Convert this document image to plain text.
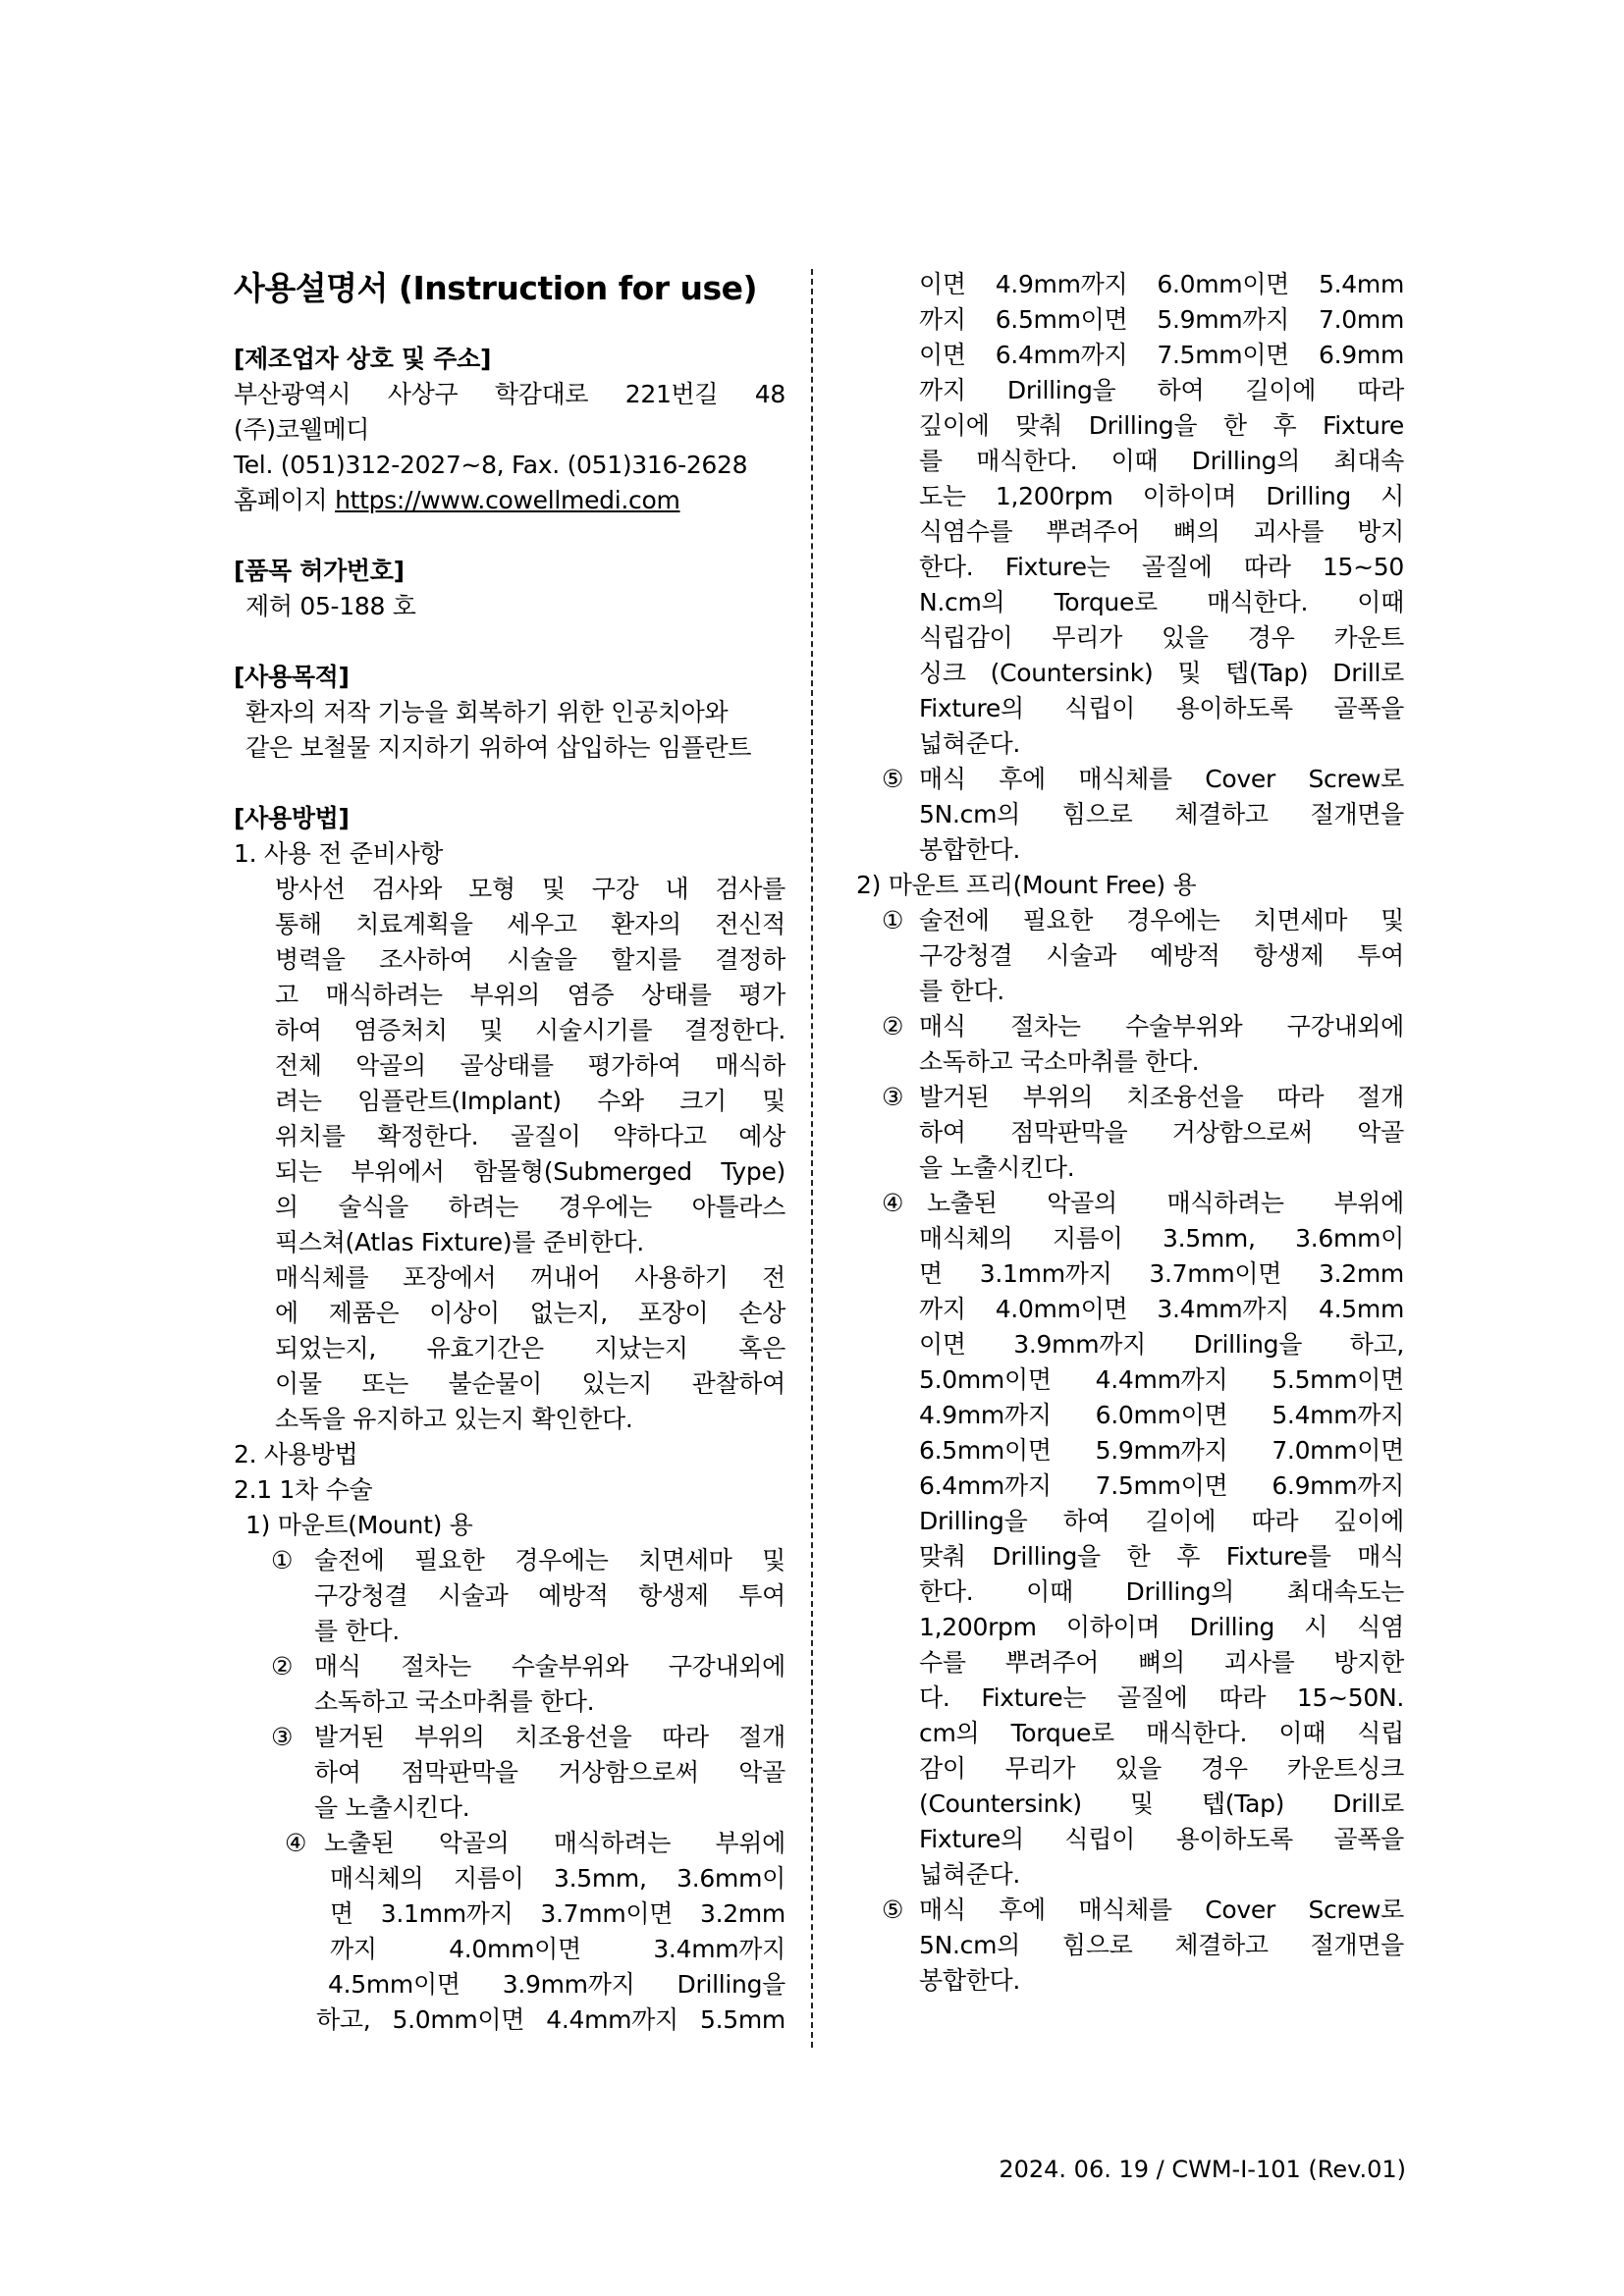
사용설명서 (Instruction for use)
[제조업자 상호 및 주소]
부산광역시 사상구 학감대로 221번길 48
(주)코웰메디
Tel. (051)312-2027~8, Fax. (051)316-2628
홈페이지 https://www.cowellmedi.com
[품목 허가번호]
제허 05-188 호
[사용목적]
환자의 저작 기능을 회복하기 위한 인공치아와
같은 보철물 지지하기 위하여 삽입하는 임플란트
[사용방법]
1. 사용 전 준비사항
방사선 검사와 모형 및 구강 내 검사를
통해 치료계획을 세우고 환자의 전신적
병력을 조사하여 시술을 할지를 결정하
고 매식하려는 부위의 염증 상태를 평가
하여 염증처치 및 시술시기를 결정한다.
전체 악골의 골상태를 평가하여 매식하
려는 임플란트(Implant) 수와 크기 및
위치를 확정한다. 골질이 약하다고 예상
되는 부위에서 함몰형(Submerged Type)
의 술식을 하려는 경우에는 아틀라스
픽스쳐(Atlas Fixture)를 준비한다.
매식체를 포장에서 꺼내어 사용하기 전
에 제품은 이상이 없는지, 포장이 손상
되었는지, 유효기간은 지났는지 혹은
이물 또는 불순물이 있는지 관찰하여
소독을 유지하고 있는지 확인한다.
2. 사용방법
2.1 1차 수술
1) 마운트(Mount) 용
① 술전에 필요한 경우에는 치면세마 및
구강청결 시술과 예방적 항생제 투여
를 한다.
② 매식 절차는 수술부위와 구강내외에
소독하고 국소마취를 한다.
③ 발거된 부위의 치조융선을 따라 절개
하여 점막판막을 거상함으로써 악골
을 노출시킨다.
④ 노출된 악골의 매식하려는 부위에
매식체의 지름이 3.5mm, 3.6mm이
면 3.1mm까지 3.7mm이면 3.2mm
까지 4.0mm이면 3.4mm까지
4.5mm이면 3.9mm까지 Drilling을
하고, 5.0mm이면 4.4mm까지 5.5mm
이면 4.9mm까지 6.0mm이면 5.4mm
까지 6.5mm이면 5.9mm까지 7.0mm
이면 6.4mm까지 7.5mm이면 6.9mm
까지 Drilling을 하여 길이에 따라
깊이에 맞춰 Drilling을 한 후 Fixture
를 매식한다. 이때 Drilling의 최대속
도는 1,200rpm 이하이며 Drilling 시
식염수를 뿌려주어 뼈의 괴사를 방지
한다. Fixture는 골질에 따라 15~50
N.cm의 Torque로 매식한다. 이때
식립감이 무리가 있을 경우 카운트
싱크 (Countersink) 및 텝(Tap) Drill로
Fixture의 식립이 용이하도록 골폭을
넓혀준다.
⑤ 매식 후에 매식체를 Cover Screw로
5N.cm의 힘으로 체결하고 절개면을
봉합한다.
2) 마운트 프리(Mount Free) 용
① 술전에 필요한 경우에는 치면세마 및
구강청결 시술과 예방적 항생제 투여
를 한다.
② 매식 절차는 수술부위와 구강내외에
소독하고 국소마취를 한다.
③ 발거된 부위의 치조융선을 따라 절개
하여 점막판막을 거상함으로써 악골
을 노출시킨다.
④ 노출된 악골의 매식하려는 부위에
매식체의 지름이 3.5mm, 3.6mm이
면 3.1mm까지 3.7mm이면 3.2mm
까지 4.0mm이면 3.4mm까지 4.5mm
이면 3.9mm까지 Drilling을 하고,
5.0mm이면 4.4mm까지 5.5mm이면
4.9mm까지 6.0mm이면 5.4mm까지
6.5mm이면 5.9mm까지 7.0mm이면
6.4mm까지 7.5mm이면 6.9mm까지
Drilling을 하여 길이에 따라 깊이에
맞춰 Drilling을 한 후 Fixture를 매식
한다. 이때 Drilling의 최대속도는
1,200rpm 이하이며 Drilling 시 식염
수를 뿌려주어 뼈의 괴사를 방지한
다. Fixture는 골질에 따라 15~50N.
cm의 Torque로 매식한다. 이때 식립
감이 무리가 있을 경우 카운트싱크
(Countersink) 및 텝(Tap) Drill로
Fixture의 식립이 용이하도록 골폭을
넓혀준다.
⑤ 매식 후에 매식체를 Cover Screw로
5N.cm의 힘으로 체결하고 절개면을
봉합한다.
2024. 06. 19 / CWM-I-101 (Rev.01)
